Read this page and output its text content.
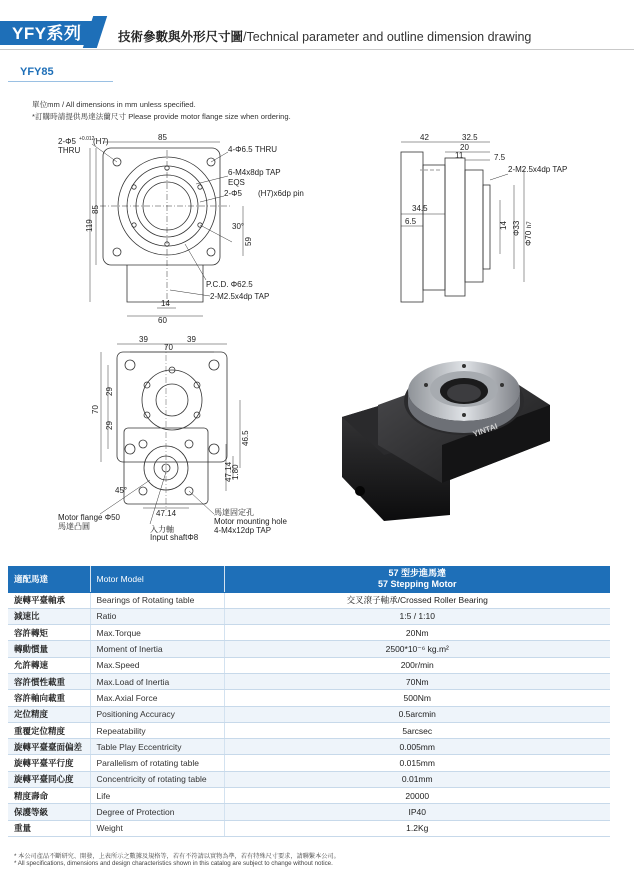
YFY系列	技術參數與外形尺寸圖/Technical parameter and outline dimension drawing
YFY85
單位mm / All dimensions in mm unless specified.
*訂購時請提供馬達法蘭尺寸 Please provide motor flange size when ordering.
2-Φ5 +0.012
(H7)
THRU
85
4-Φ6.5 THRU
6-M4x8dp TAP
EQS
2-Φ5 (H7)x6dp pin
85
119	30°
59
P.C.D. Φ62.5
2-M2.5x4dp TAP
14
60
42	32.5
20
11	7.5
2-M2.5x4dp TAP
34.5
6.5	14 Φ33
Φ70
h7
39	39
70
29
70
29
46.5
47.14
1.80
45°
47.14
Motor flange Φ50
馬達凸圓	入力軸
Input shaftΦ8
馬達固定孔
Motor mounting hole
4-M4x12dp TAP
YINTAI
適配馬達	Motor Model	57 型步進馬達
57 Stepping Motor

旋轉平臺軸承	Bearings of Rotating table	交叉滾子軸承/Crossed Roller Bearing
減速比	Ratio	1:5 / 1:10
容許轉矩	Max.Torque	20Nm
轉動慣量	Moment of Inertia	2500*10⁻⁶ kg.m²
允許轉速	Max.Speed	200r/min
容許慣性載重	Max.Load of Inertia	70Nm
容許軸向載重	Max.Axial Force	500Nm
定位精度	Positioning Accuracy	0.5arcmin
重覆定位精度	Repeatability	5arcsec
旋轉平臺臺面偏差	Table Play Eccentricity	0.005mm
旋轉平臺平行度	Parallelism of rotating table	0.015mm
旋轉平臺同心度	Concentricity of rotating table	0.01mm
精度壽命	Life	20000
保護等級	Degree of Protection	IP40
重量	Weight	1.2Kg
* 本公司產品不斷研究、開發，上表所示之數據及規格等，若有不符請以實物為準，若有特殊尺寸要求，請聯繫本公司。
* All specifications, dimensions and design characteristics shown in this catalog are subject to change without notice.
